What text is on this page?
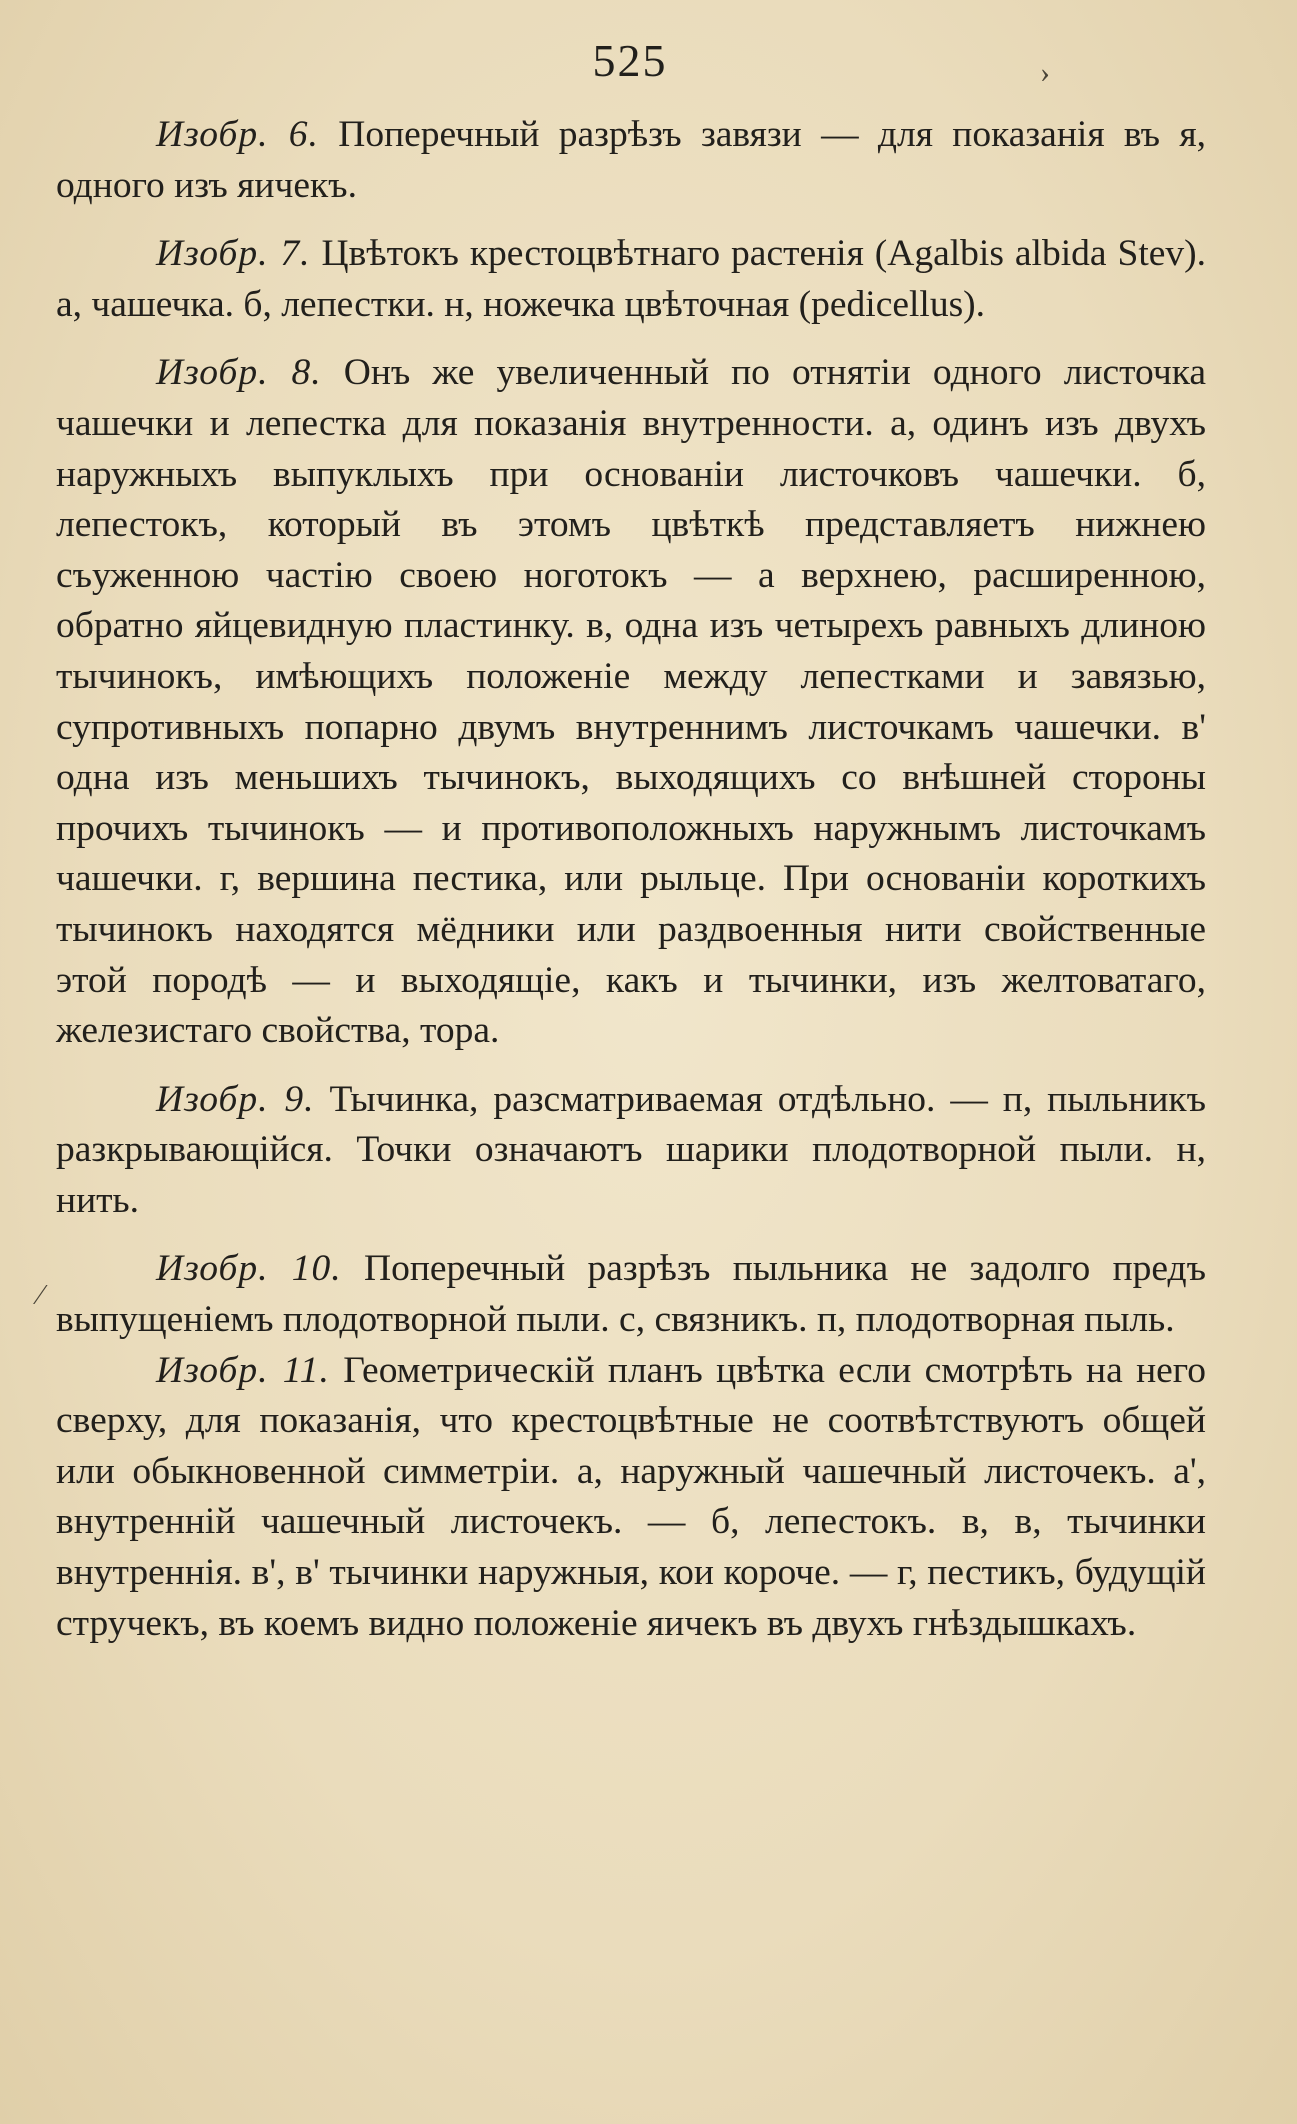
525	›
⁄

Изобр. 6. Поперечный разрѣзъ завязи — для показанія въ я, одного изъ яичекъ.

Изобр. 7. Цвѣтокъ крестоцвѣтнаго растенія (Agalbis albida Stev). а, чашечка. б, лепестки. н, ножечка цвѣточная (pedicellus).

Изобр. 8. Онъ же увеличенный по отнятіи одного листочка чашечки и лепестка для показанія внутренности. а, одинъ изъ двухъ наружныхъ выпуклыхъ при основаніи листочковъ чашечки. б, лепестокъ, который въ этомъ цвѣткѣ представляетъ нижнею съуженною частію своею ноготокъ — а верхнею, расширенною, обратно яйцевидную пластинку. в, одна изъ четырехъ равныхъ длиною тычинокъ, имѣющихъ положеніе между лепестками и завязью, супротивныхъ попарно двумъ внутреннимъ листочкамъ чашечки. в' одна изъ меньшихъ тычинокъ, выходящихъ со внѣшней стороны прочихъ тычинокъ — и противоположныхъ наружнымъ листочкамъ чашечки. г, вершина пестика, или рыльце. При основаніи короткихъ тычинокъ находятся мёдники или раздвоенныя нити свойственные этой породѣ — и выходящіе, какъ и тычинки, изъ желтоватаго, железистаго свойства, тора.

Изобр. 9. Тычинка, разсматриваемая отдѣльно. — п, пыльникъ разкрывающійся. Точки означаютъ шарики плодотворной пыли. н, нить.

Изобр. 10. Поперечный разрѣзъ пыльника не задолго предъ выпущеніемъ плодотворной пыли. с, связникъ. п, плодотворная пыль.

Изобр. 11. Геометрическій планъ цвѣтка если смотрѣть на него сверху, для показанія, что крестоцвѣтные не соотвѣтствуютъ общей или обыкновенной симметріи. а, наружный чашечный листочекъ. а', внутренній чашечный листочекъ. — б, лепестокъ. в, в, тычинки внутреннія. в', в' тычинки наружныя, кои короче. — г, пестикъ, будущій стручекъ, въ коемъ видно положеніе яичекъ въ двухъ гнѣздышкахъ.
